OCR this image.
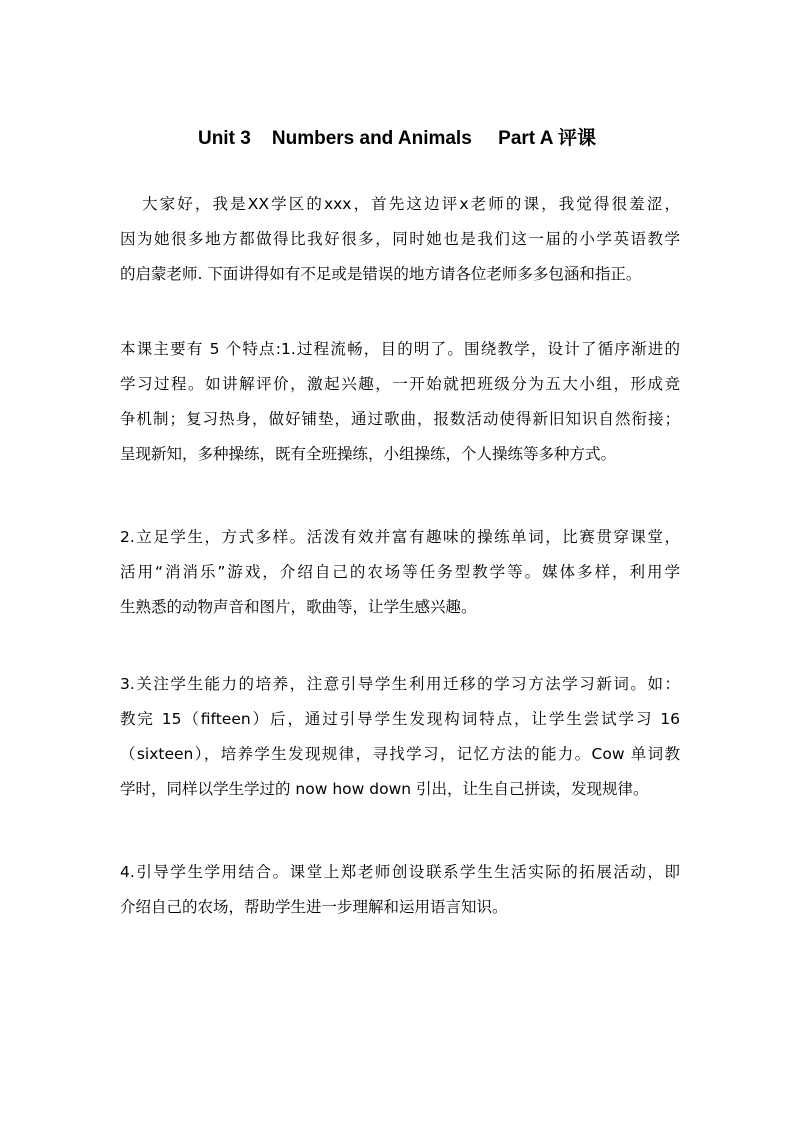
Unit 3    Numbers and Animals     Part A 评课
大家好，我是XX学区的xxx，首先这边评x老师的课，我觉得很羞涩，
因为她很多地方都做得比我好很多，同时她也是我们这一届的小学英语教学
的启蒙老师. 下面讲得如有不足或是错误的地方请各位老师多多包涵和指正。
本课主要有 5 个特点:1.过程流畅，目的明了。围绕教学，设计了循序渐进的
学习过程。如讲解评价，激起兴趣，一开始就把班级分为五大小组，形成竞
争机制；复习热身，做好铺垫，通过歌曲，报数活动使得新旧知识自然衔接；
呈现新知，多种操练，既有全班操练，小组操练，个人操练等多种方式。
2.立足学生，方式多样。活泼有效并富有趣味的操练单词，比赛贯穿课堂，
活用“消消乐”游戏，介绍自己的农场等任务型教学等。媒体多样，利用学
生熟悉的动物声音和图片，歌曲等，让学生感兴趣。
3.关注学生能力的培养，注意引导学生利用迁移的学习方法学习新词。如：
教完 15（fifteen）后，通过引导学生发现构词特点，让学生尝试学习 16
（sixteen），培养学生发现规律，寻找学习，记忆方法的能力。Cow 单词教
学时，同样以学生学过的 now how down 引出，让生自己拼读，发现规律。
4.引导学生学用结合。课堂上郑老师创设联系学生生活实际的拓展活动，即
介绍自己的农场，帮助学生进一步理解和运用语言知识。
